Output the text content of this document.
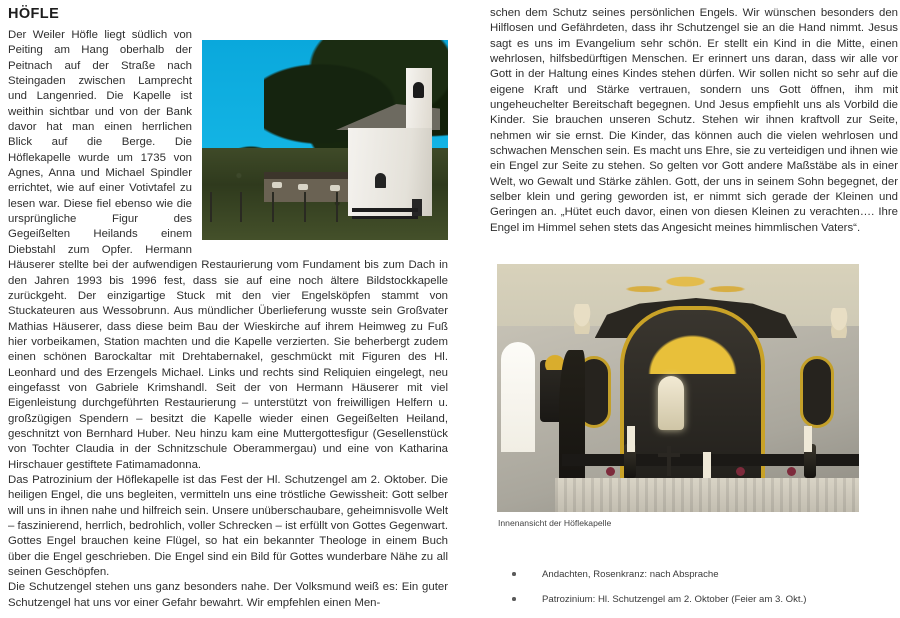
HÖFLE

Der Weiler Höfle liegt südlich von Peiting am Hang oberhalb der Peitnach auf der Straße nach Steingaden zwischen Lamprecht und Langenried. Die Kapelle ist weithin sichtbar und von der Bank davor hat man einen herrlichen Blick auf die Berge. Die Höflekapelle wurde um 1735 von Agnes, Anna und Michael Spindler errichtet, wie auf einer Votivtafel zu lesen war. Diese fiel ebenso wie die ursprüngliche Figur des Gegeißelten Heilands einem Diebstahl zum Opfer. Hermann Häuserer stellte bei der aufwendigen Restaurierung vom Fundament bis zum Dach in den Jahren 1993 bis 1996 fest, dass sie auf eine noch ältere Bildstockkapelle zurückgeht. Der einzigartige Stuck mit den vier Engelsköpfen stammt von Stuckateuren aus Wessobrunn. Aus mündlicher Überlieferung wusste sein Großvater Mathias Häuserer, dass diese beim Bau der Wieskirche auf ihrem Heimweg zu Fuß hier vorbeikamen, Station machten und die Kapelle verzierten. Sie beherbergt zudem einen schönen Barockaltar mit Drehtabernakel, geschmückt mit Figuren des Hl. Leonhard und des Erzengels Michael. Links und rechts sind Reliquien eingelegt, neu eingefasst von Gabriele Krimshandl. Seit der von Hermann Häuserer mit viel Eigenleistung durchgeführten Restaurierung – unterstützt von freiwilligen Helfern u. großzügigen Spendern – besitzt die Kapelle wieder einen Gegeißelten Heiland, geschnitzt von Bernhard Huber. Neu hinzu kam eine Muttergottesfigur (Gesellenstück von Tochter Claudia in der Schnitzschule Oberammergau) und eine von Katharina Hirschauer gestiftete Fatimamadonna.

Das Patrozinium der Höflekapelle ist das Fest der Hl. Schutzengel am 2. Oktober. Die heiligen Engel, die uns begleiten, vermitteln uns eine tröstliche Gewissheit: Gott selber will uns in ihnen nahe und hilfreich sein. Unsere unüberschaubare, geheimnisvolle Welt – faszinierend, herrlich, bedrohlich, voller Schrecken – ist erfüllt von Gottes Gegenwart. Gottes Engel brauchen keine Flügel, so hat ein bekannter Theologe in einem Buch über die Engel geschrieben. Die Engel sind ein Bild für Gottes wunderbare Nähe zu all seinen Geschöpfen.

Die Schutzengel stehen uns ganz besonders nahe. Der Volksmund weiß es: Ein guter Schutzengel hat uns vor einer Gefahr bewahrt. Wir empfehlen einen Men-

schen dem Schutz seines persönlichen Engels. Wir wünschen besonders den Hilflosen und Gefährdeten, dass ihr Schutzengel sie an die Hand nimmt. Jesus sagt es uns im Evangelium sehr schön. Er stellt ein Kind in die Mitte, einen wehrlosen, hilfsbedürftigen Menschen. Er erinnert uns daran, dass wir alle vor Gott in der Haltung eines Kindes stehen dürfen. Wir sollen nicht so sehr auf die eigene Kraft und Stärke vertrauen, sondern uns Gott öffnen, ihm mit ungeheuchelter Bereitschaft begegnen. Und Jesus empfiehlt uns als Vorbild die Kinder. Sie brauchen unseren Schutz. Stehen wir ihnen kraftvoll zur Seite, nehmen wir sie ernst. Die Kinder, das können auch die vielen wehrlosen und schwachen Menschen sein. Es macht uns Ehre, sie zu verteidigen und ihnen wie ein Engel zur Seite zu stehen. So gelten vor Gott andere Maßstäbe als in einer Welt, wo Gewalt und Stärke zählen. Gott, der uns in seinem Sohn begegnet, der selber klein und gering geworden ist, er nimmt sich gerade der Kleinen und Geringen an. „Hütet euch davor, einen von diesen Kleinen zu verachten…. Ihre Engel im Himmel sehen stets das Angesicht meines himmlischen Vaters“.

Innenansicht der Höflekapelle
Andachten, Rosenkranz: nach Absprache
Patrozinium: Hl. Schutzengel am 2. Oktober (Feier am 3. Okt.)
